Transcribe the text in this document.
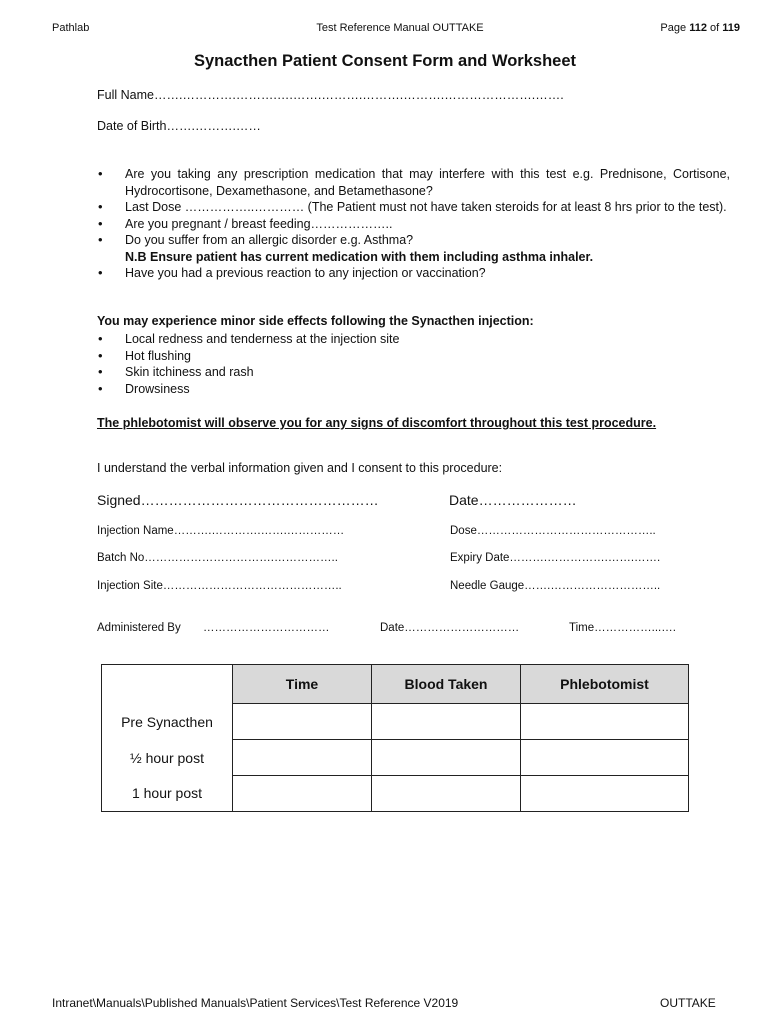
Pathlab	Test Reference Manual OUTTAKE	Page 112 of 119
Synacthen Patient Consent Form and Worksheet
Full Name…….………….……….….…….……….……….……….………………….…….
Date of Birth…….……….……
• Are you taking any prescription medication that may interfere with this test e.g. Prednisone, Cortisone, Hydrocortisone, Dexamethasone, and Betamethasone?
• Last Dose ……………..………… (The Patient must not have taken steroids for at least 8 hrs prior to the test).
• Are you pregnant / breast feeding………………..
• Do you suffer from an allergic disorder e.g. Asthma?
N.B Ensure patient has current medication with them including asthma inhaler.
• Have you had a previous reaction to any injection or vaccination?
You may experience minor side effects following the Synacthen injection:
• Local redness and tenderness at the injection site
• Hot flushing
• Skin itchiness and rash
• Drowsiness
The phlebotomist will observe you for any signs of discomfort throughout this test procedure.
I understand the verbal information given and I consent to this procedure:
Signed……………………………………………	Date…………………
Injection Name……….………….…….……………	Dose………………………………………..
Batch No…………………………….……………..	Expiry Date……….…………….…….…….
Injection Site………………………………………..	Needle Gauge…….………………………..
Administered By ……………………………	Date…………………………	Time……………...….
	Time	Blood Taken	Phlebotomist
Pre Synacthen			
½ hour post			
1 hour post			
Intranet\Manuals\Published Manuals\Patient Services\Test Reference V2019	OUTTAKE
